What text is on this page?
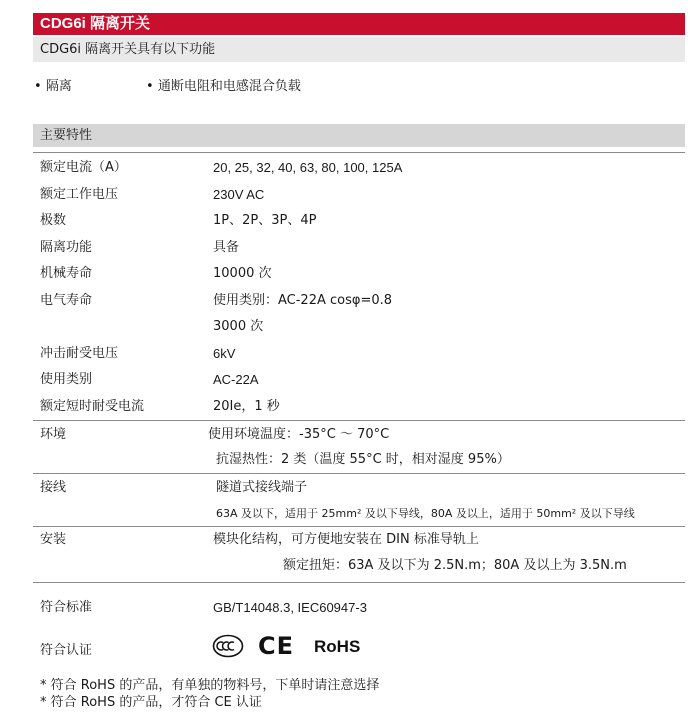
CDG6i 隔离开关
CDG6i 隔离开关具有以下功能
• 隔离	• 通断电阻和电感混合负载
主要特性
额定电流（A）	20, 25, 32, 40, 63, 80, 100, 125A
额定工作电压	230V AC
极数	1P、2P、3P、4P
隔离功能	具备
机械寿命	10000 次
电气寿命	使用类别：AC-22A cosφ=0.8
3000 次
冲击耐受电压	6kV
使用类别	AC-22A
额定短时耐受电流	20Ie，1 秒
环境	使用环境温度：-35°C ～ 70°C
抗湿热性：2 类（温度 55°C 时，相对湿度 95%）
接线	隧道式接线端子
63A 及以下，适用于 25mm² 及以下导线，80A 及以上，适用于 50mm² 及以下导线
安装	模块化结构，可方便地安装在 DIN 标准导轨上
额定扭矩：63A 及以下为 2.5N.m；80A 及以上为 3.5N.m
符合标准	GB/T14048.3, IEC60947-3
符合认证	CE RoHS
* 符合 RoHS 的产品，有单独的物料号，下单时请注意选择
* 符合 RoHS 的产品，才符合 CE 认证
